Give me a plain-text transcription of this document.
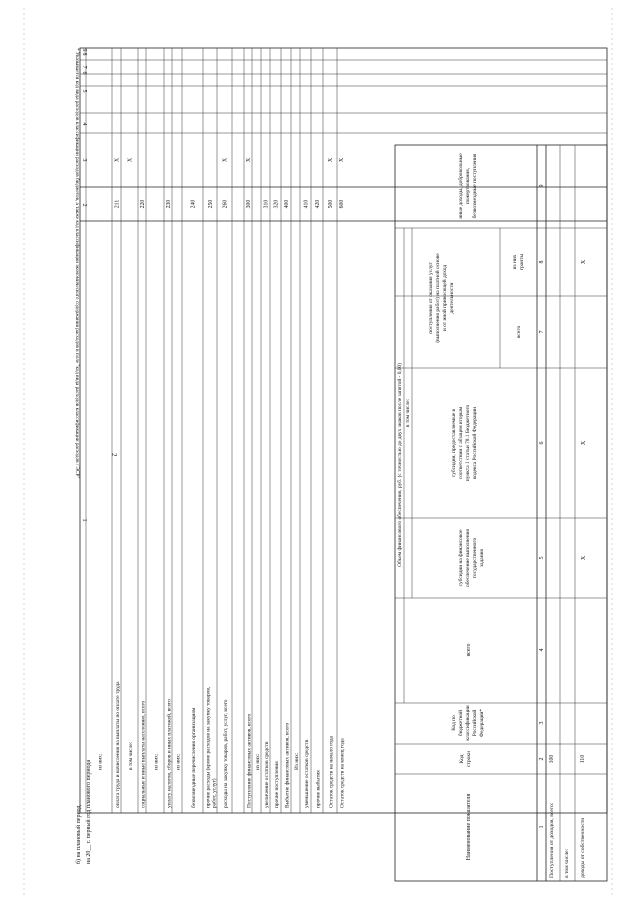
2
1
2
3
4
5
6
7
8
9
из них: оплата труда и начисления на выплаты по оплате труда
211
X
в том числе:
X
социальные и иные выплаты населению, всего
220
из них: уплату налогов, сборов и иных платежей, всего
230
из них: безвозмездные перечисления организациям
240
прочие расходы (кроме расходов на закупку товаров,работ, услуг)
250
расходы на закупку товаров, работ, услуг, всего
260
X
Поступление финансовых активов, всего
300
X
из них: увеличение остатков средств
310
прочие поступления
320
Выбытие финансовых активов, всего
400
Из них: уменьшение остатков средств
410
прочие выбытия
420
Остаток средств на начало года
500
X
Остаток средств на конец года
600
X
* Указывается код вида расходов классификации расходов бюджетов, а также код классификации экономического содержания расходов в поле "код вида расходов классификации расходов / ЭСР"
б) на плановый период на 20__ г. первый год планового периода	Наименование показателя
Кодстроки
Код побюджетнойклассификацииРоссийскойФедерации*
Объем финансового обеспечения, руб. (с точностью до двух знаков после запятой - 0,00)
всего
в том числе:
субсидии на финансовоеобеспечение выполнениягосударственногозадания
субсидии, предоставляемые всоответствии с абзацем вторымпункта 1 статьи 78.1 Бюджетногокодекса Российской Федерации
поступления от оказания услуг(выполнения работ) на платной основеи от иной приносящей доходдеятельности
всего
из нихгранты
иные доходы, добровольныепожертвования,безвозмездные поступления
1
2
3
4
5
6
7
8
9
Поступления от доходов, всего:
100
в том числе: доходы от собственности
110
X
X
X
